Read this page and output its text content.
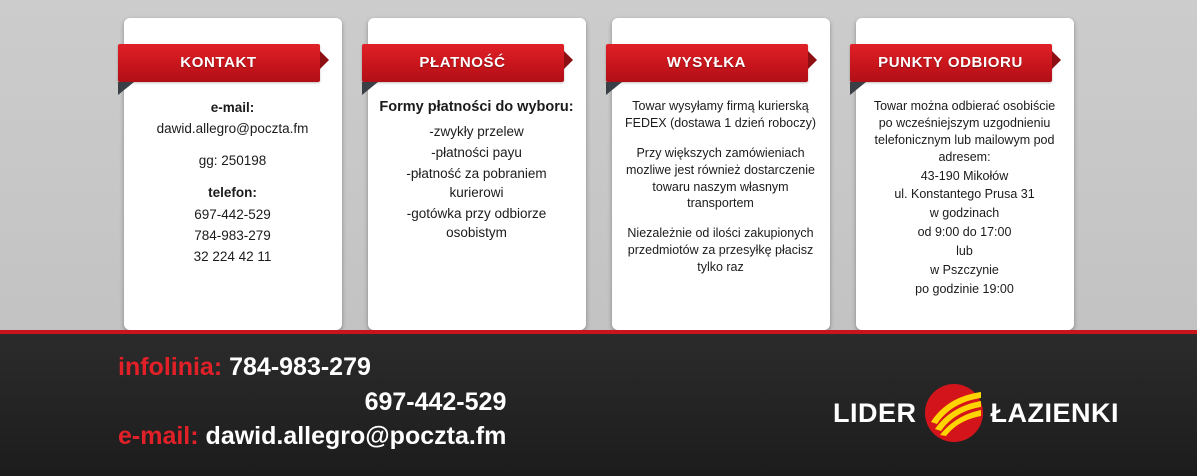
KONTAKT

e-mail:

dawid.allegro@poczta.fm

gg: 250198

telefon:

697-442-529

784-983-279

32 224 42 11

PŁATNOŚĆ

Formy płatności do wyboru:

-zwykły przelew

-płatności payu

-płatność za pobraniem kurierowi

-gotówka przy odbiorze osobistym

WYSYŁKA

Towar wysyłamy firmą kurierską FEDEX (dostawa 1 dzień roboczy)

Przy większych zamówieniach mozliwe jest również dostarczenie towaru naszym własnym transportem

Niezależnie od ilości zakupionych przedmiotów za przesyłkę płacisz tylko raz

PUNKTY ODBIORU

Towar można odbierać osobiście po wcześniejszym uzgodnieniu telefonicznym lub mailowym pod adresem:

43-190 Mikołów

ul. Konstantego Prusa 31

w godzinach

od 9:00 do 17:00

lub

w Pszczynie

po godzinie 19:00

infolinia: 784-983-279
697-442-529
e-mail: dawid.allegro@poczta.fm
LIDER	ŁAZIENKI
